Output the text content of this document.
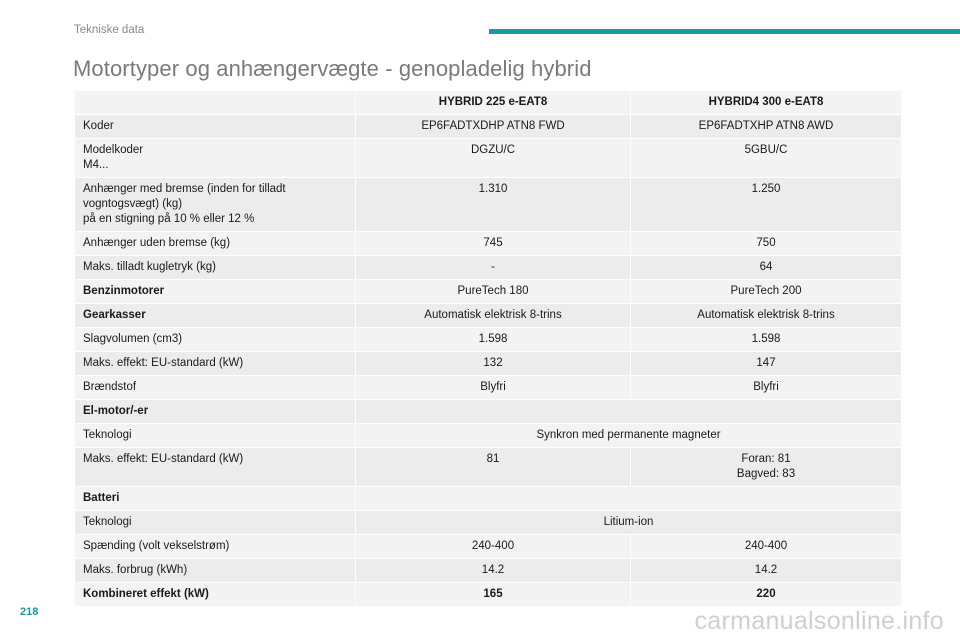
Tekniske data
Motortyper og anhængervægte - genopladelig hybrid
	HYBRID 225 e-EAT8	HYBRID4 300 e-EAT8
Koder	EP6FADTXDHP ATN8 FWD	EP6FADTXHP ATN8 AWD
Modelkoder
M4...	DGZU/C	5GBU/C
Anhænger med bremse (inden for tilladt
vogntogsvægt) (kg)
på en stigning på 10 % eller 12 %	1.310	1.250
Anhænger uden bremse (kg)	745	750
Maks. tilladt kugletryk (kg)	-	64
Benzinmotorer	PureTech 180	PureTech 200
Gearkasser	Automatisk elektrisk 8-trins	Automatisk elektrisk 8-trins
Slagvolumen (cm3)	1.598	1.598
Maks. effekt: EU-standard (kW)	132	147
Brændstof	Blyfri	Blyfri
El-motor/-er		
Teknologi	Synkron med permanente magneter	
Maks. effekt: EU-standard (kW)	81	Foran: 81
Bagved: 83
Batteri		
Teknologi	Litium-ion	
Spænding (volt vekselstrøm)	240-400	240-400
Maks. forbrug (kWh)	14.2	14.2
Kombineret effekt (kW)	165	220
218	carmanualsonline.info
